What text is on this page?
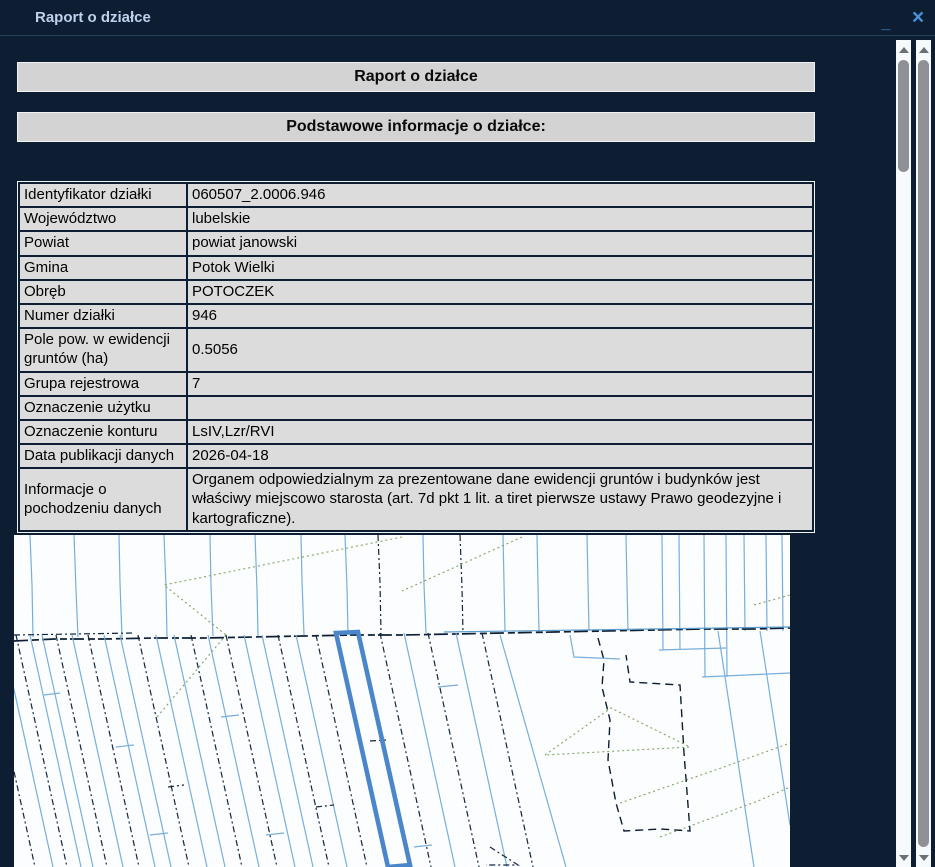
Raport o działce	_ ×
Raport o działce
Podstawowe informacje o działce:
Identyfikator działki	060507_2.0006.946
Województwo	lubelskie
Powiat	powiat janowski
Gmina	Potok Wielki
Obręb	POTOCZEK
Numer działki	946
Pole pow. w ewidencji gruntów (ha)	0.5056
Grupa rejestrowa	7
Oznaczenie użytku	
Oznaczenie konturu	LsIV,Lzr/RVI
Data publikacji danych	2026-04-18
Informacje o pochodzeniu danych	Organem odpowiedzialnym za prezentowane dane ewidencji gruntów i budynków jest właściwy miejscowo starosta (art. 7d pkt 1 lit. a tiret pierwsze ustawy Prawo geodezyjne i kartograficzne).
